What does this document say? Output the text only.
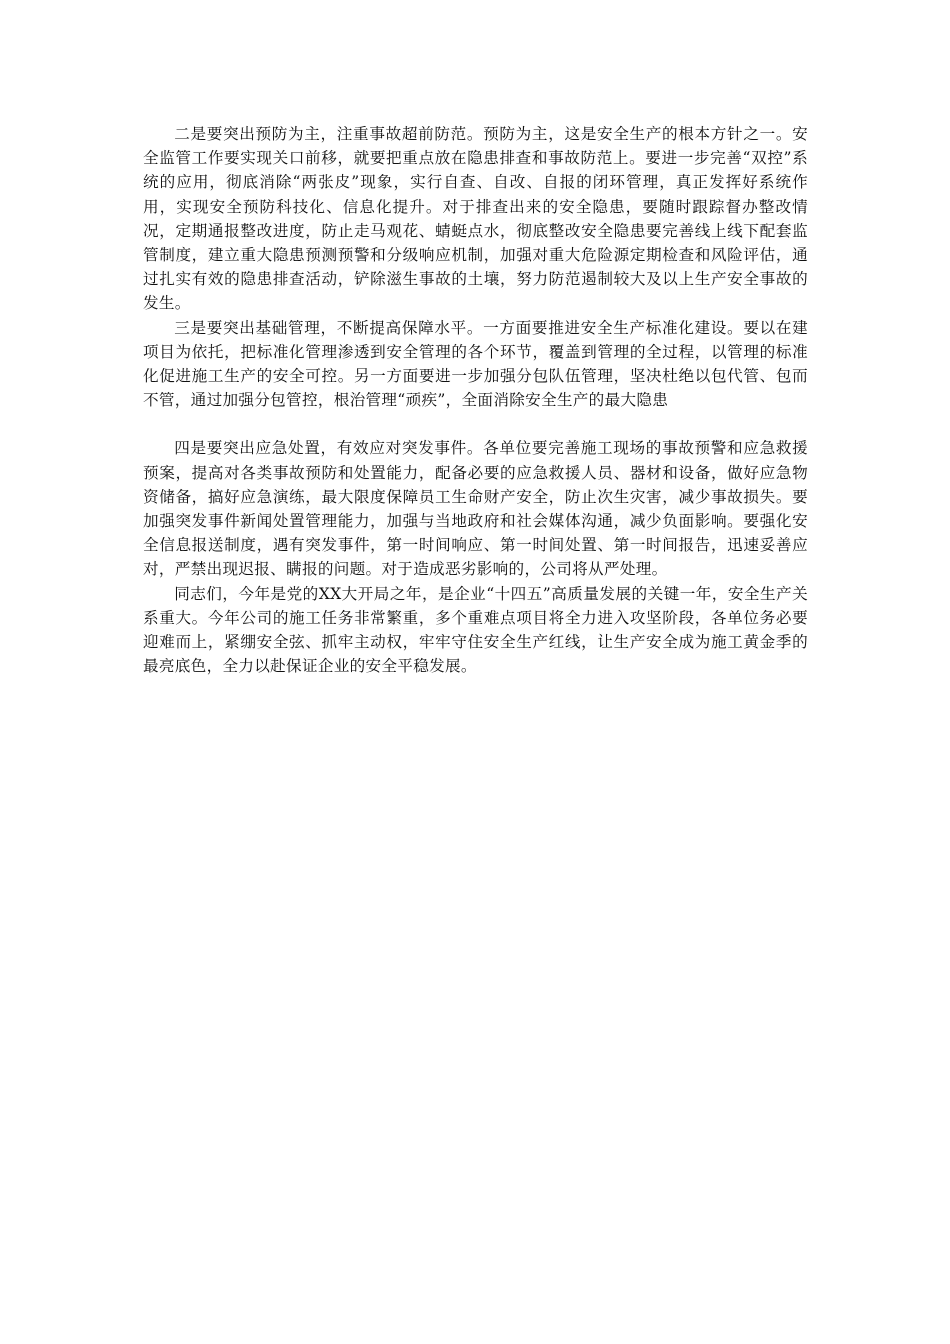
二是要突出预防为主，注重事故超前防范。预防为主，这是安全生产的根本方针之一。安全监管工作要实现关口前移，就要把重点放在隐患排查和事故防范上。要进一步完善“双控”系统的应用，彻底消除“两张皮”现象，实行自查、自改、自报的闭环管理，真正发挥好系统作用，实现安全预防科技化、信息化提升。对于排查出来的安全隐患，要随时跟踪督办整改情况，定期通报整改进度，防止走马观花、蜻蜓点水，彻底整改安全隐患要完善线上线下配套监管制度，建立重大隐患预测预警和分级响应机制，加强对重大危险源定期检查和风险评估，通过扎实有效的隐患排查活动，铲除滋生事故的土壤，努力防范遏制较大及以上生产安全事故的发生。

三是要突出基础管理，不断提高保障水平。一方面要推进安全生产标准化建设。要以在建项目为依托，把标准化管理渗透到安全管理的各个环节，覆盖到管理的全过程，以管理的标准化促进施工生产的安全可控。另一方面要进一步加强分包队伍管理，坚决杜绝以包代管、包而不管，通过加强分包管控，根治管理“顽疾”，全面消除安全生产的最大隐患

四是要突出应急处置，有效应对突发事件。各单位要完善施工现场的事故预警和应急救援预案，提高对各类事故预防和处置能力，配备必要的应急救援人员、器材和设备，做好应急物资储备，搞好应急演练，最大限度保障员工生命财产安全，防止次生灾害，减少事故损失。要加强突发事件新闻处置管理能力，加强与当地政府和社会媒体沟通，减少负面影响。要强化安全信息报送制度，遇有突发事件，第一时间响应、第一时间处置、第一时间报告，迅速妥善应对，严禁出现迟报、瞒报的问题。对于造成恶劣影响的，公司将从严处理。

同志们，今年是党的XX大开局之年，是企业“十四五”高质量发展的关键一年，安全生产关系重大。今年公司的施工任务非常繁重，多个重难点项目将全力进入攻坚阶段，各单位务必要迎难而上，紧绷安全弦、抓牢主动权，牢牢守住安全生产红线，让生产安全成为施工黄金季的最亮底色，全力以赴保证企业的安全平稳发展。
